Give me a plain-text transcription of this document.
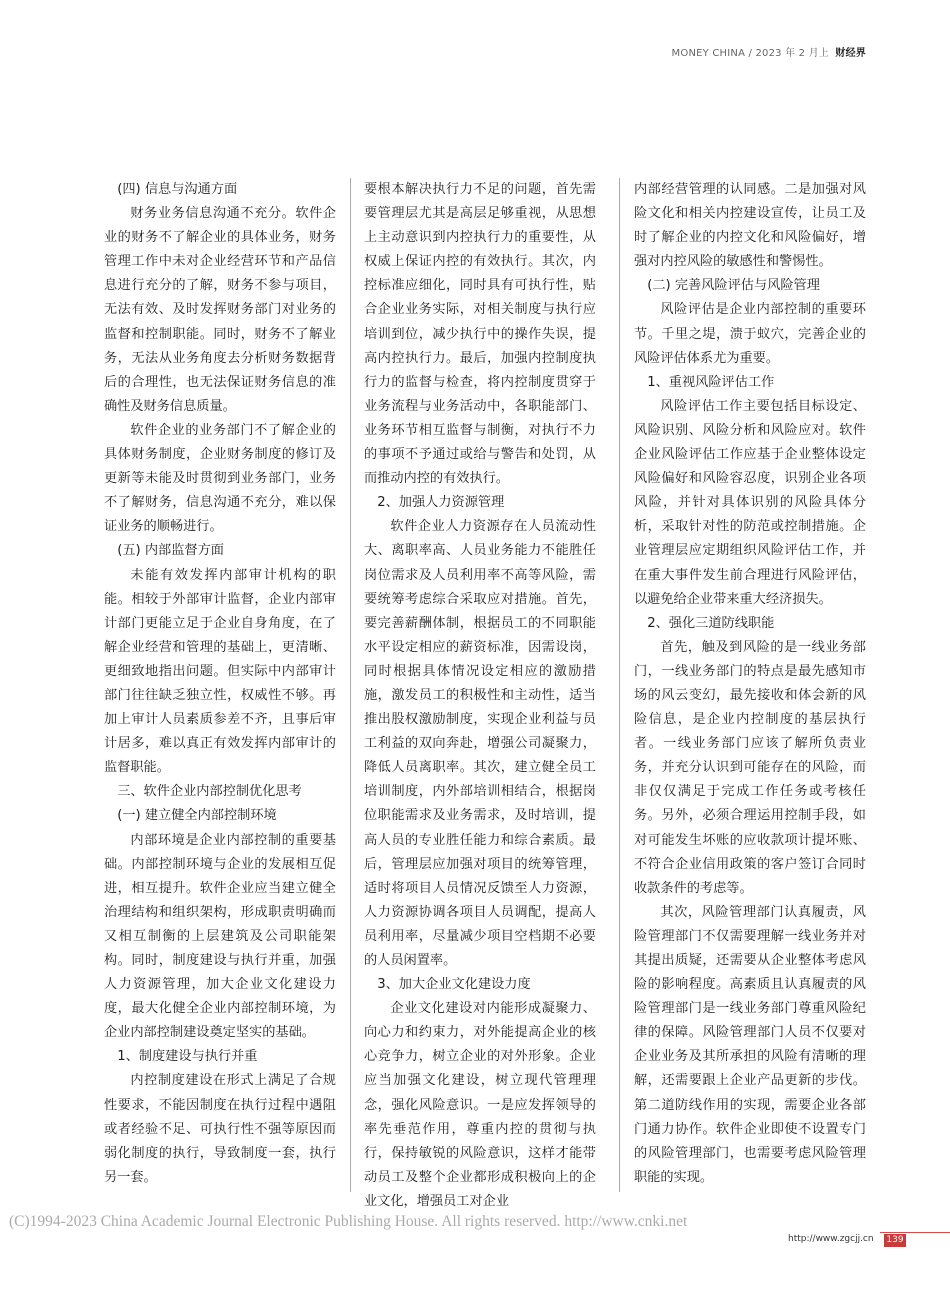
MONEY CHINA / 2023 年 2 月上 财经界

(四) 信息与沟通方面

财务业务信息沟通不充分。软件企业的财务不了解企业的具体业务，财务管理工作中未对企业经营环节和产品信息进行充分的了解，财务不参与项目，无法有效、及时发挥财务部门对业务的监督和控制职能。同时，财务不了解业务，无法从业务角度去分析财务数据背后的合理性，也无法保证财务信息的准确性及财务信息质量。

软件企业的业务部门不了解企业的具体财务制度，企业财务制度的修订及更新等未能及时贯彻到业务部门，业务不了解财务，信息沟通不充分，难以保证业务的顺畅进行。

(五) 内部监督方面

未能有效发挥内部审计机构的职能。相较于外部审计监督，企业内部审计部门更能立足于企业自身角度，在了解企业经营和管理的基础上，更清晰、更细致地指出问题。但实际中内部审计部门往往缺乏独立性，权威性不够。再加上审计人员素质参差不齐，且事后审计居多，难以真正有效发挥内部审计的监督职能。

三、软件企业内部控制优化思考

(一) 建立健全内部控制环境

内部环境是企业内部控制的重要基础。内部控制环境与企业的发展相互促进，相互提升。软件企业应当建立健全治理结构和组织架构，形成职责明确而又相互制衡的上层建筑及公司职能架构。同时，制度建设与执行并重，加强人力资源管理，加大企业文化建设力度，最大化健全企业内部控制环境，为企业内部控制建设奠定坚实的基础。

1、制度建设与执行并重

内控制度建设在形式上满足了合规性要求，不能因制度在执行过程中遇阻或者经验不足、可执行性不强等原因而弱化制度的执行，导致制度一套，执行另一套。

要根本解决执行力不足的问题，首先需要管理层尤其是高层足够重视，从思想上主动意识到内控执行力的重要性，从权威上保证内控的有效执行。其次，内控标准应细化，同时具有可执行性，贴合企业业务实际，对相关制度与执行应培训到位，减少执行中的操作失误，提高内控执行力。最后，加强内控制度执行力的监督与检查，将内控制度贯穿于业务流程与业务活动中，各职能部门、业务环节相互监督与制衡，对执行不力的事项不予通过或给与警告和处罚，从而推动内控的有效执行。

2、加强人力资源管理

软件企业人力资源存在人员流动性大、离职率高、人员业务能力不能胜任岗位需求及人员利用率不高等风险，需要统筹考虑综合采取应对措施。首先，要完善薪酬体制，根据员工的不同职能水平设定相应的薪资标准，因需设岗，同时根据具体情况设定相应的激励措施，激发员工的积极性和主动性，适当推出股权激励制度，实现企业利益与员工利益的双向奔赴，增强公司凝聚力，降低人员离职率。其次，建立健全员工培训制度，内外部培训相结合，根据岗位职能需求及业务需求，及时培训，提高人员的专业胜任能力和综合素质。最后，管理层应加强对项目的统筹管理，适时将项目人员情况反馈至人力资源，人力资源协调各项目人员调配，提高人员利用率，尽量减少项目空档期不必要的人员闲置率。

3、加大企业文化建设力度

企业文化建设对内能形成凝聚力、向心力和约束力，对外能提高企业的核心竞争力，树立企业的对外形象。企业应当加强文化建设，树立现代管理理念，强化风险意识。一是应发挥领导的率先垂范作用，尊重内控的贯彻与执行，保持敏锐的风险意识，这样才能带动员工及整个企业都形成积极向上的企业文化，增强员工对企业

内部经营管理的认同感。二是加强对风险文化和相关内控建设宣传，让员工及时了解企业的内控文化和风险偏好，增强对内控风险的敏感性和警惕性。

(二) 完善风险评估与风险管理

风险评估是企业内部控制的重要环节。千里之堤，溃于蚁穴，完善企业的风险评估体系尤为重要。

1、重视风险评估工作

风险评估工作主要包括目标设定、风险识别、风险分析和风险应对。软件企业风险评估工作应基于企业整体设定风险偏好和风险容忍度，识别企业各项风险，并针对具体识别的风险具体分析，采取针对性的防范或控制措施。企业管理层应定期组织风险评估工作，并在重大事件发生前合理进行风险评估，以避免给企业带来重大经济损失。

2、强化三道防线职能

首先，触及到风险的是一线业务部门，一线业务部门的特点是最先感知市场的风云变幻，最先接收和体会新的风险信息，是企业内控制度的基层执行者。一线业务部门应该了解所负责业务，并充分认识到可能存在的风险，而非仅仅满足于完成工作任务或考核任务。另外，必须合理运用控制手段，如对可能发生坏账的应收款项计提坏账、不符合企业信用政策的客户签订合同时收款条件的考虑等。

其次，风险管理部门认真履责，风险管理部门不仅需要理解一线业务并对其提出质疑，还需要从企业整体考虑风险的影响程度。高素质且认真履责的风险管理部门是一线业务部门尊重风险纪律的保障。风险管理部门人员不仅要对企业业务及其所承担的风险有清晰的理解，还需要跟上企业产品更新的步伐。第二道防线作用的实现，需要企业各部门通力协作。软件企业即使不设置专门的风险管理部门，也需要考虑风险管理职能的实现。

(C)1994-2023 China Academic Journal Electronic Publishing House. All rights reserved. http://www.cnki.net
http://www.zgcjj.cn 139
